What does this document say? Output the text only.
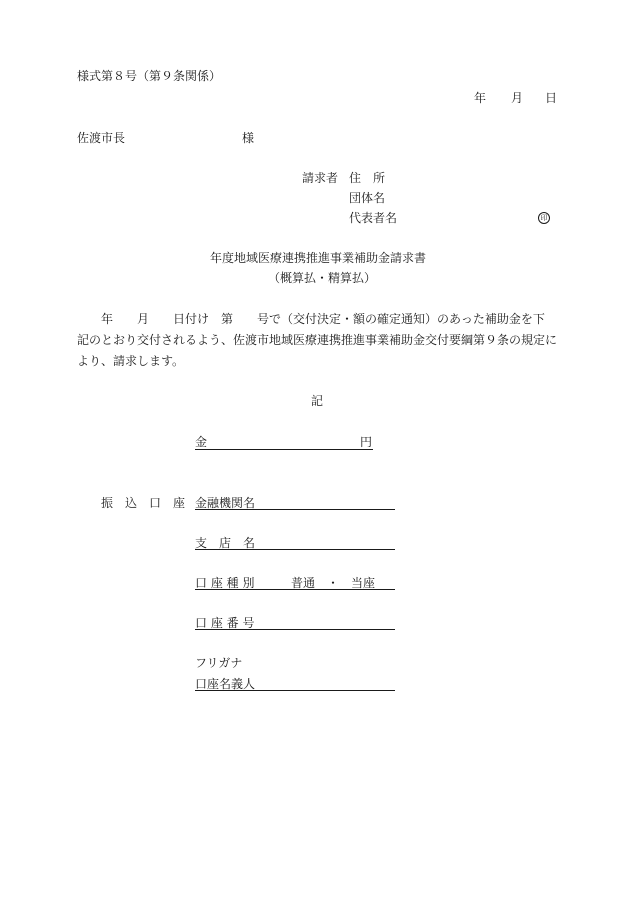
様式第８号（第９条関係）
年 月 日
佐渡市長	様
請求者 住　所
団体名
代表者名	印
年度地域医療連携推進事業補助金請求書
（概算払・精算払）
　　年　　月　　日付け　第　　号で（交付決定・額の確定通知）のあった補助金を下
記のとおり交付されるよう、佐渡市地域医療連携推進事業補助金交付要綱第９条の規定に
より、請求します。
記
金	円
振　込　口　座 金融機関名
支　店　名
口 座 種 別	普通　・　当座
口 座 番 号
フリガナ
口座名義人
